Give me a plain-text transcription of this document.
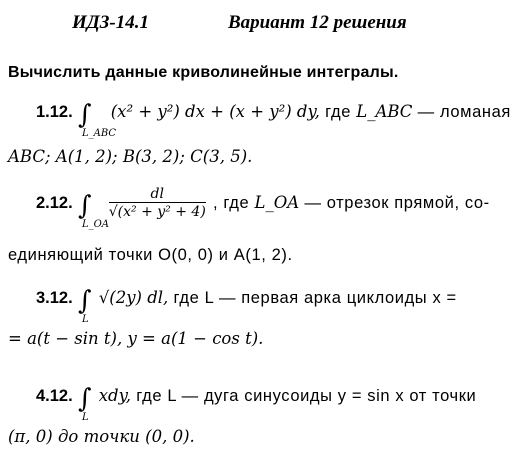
ИДЗ-14.1	Вариант 12 решения
Вычислить данные криволинейные интегралы.
1.12. ∫
L_ABC
(x² + y²) dx + (x + y²) dy, где L_ABC — ломаная
ABC; A(1, 2); B(3, 2); C(3, 5).
2.12. ∫
L_OA

$\frac{dl}{\text{√(x² + y² + 4)}}$ , где L_OA — отрезок прямой, со-
единяющий точки O(0, 0) и A(1, 2).
3.12. ∫
L
√(2y) dl, где L — первая арка циклоиды x =
= a(t − sin t), y = a(1 − cos t).
4.12. ∫
L
xdy, где L — дуга синусоиды y = sin x от точки
(π, 0) до точки (0, 0).
